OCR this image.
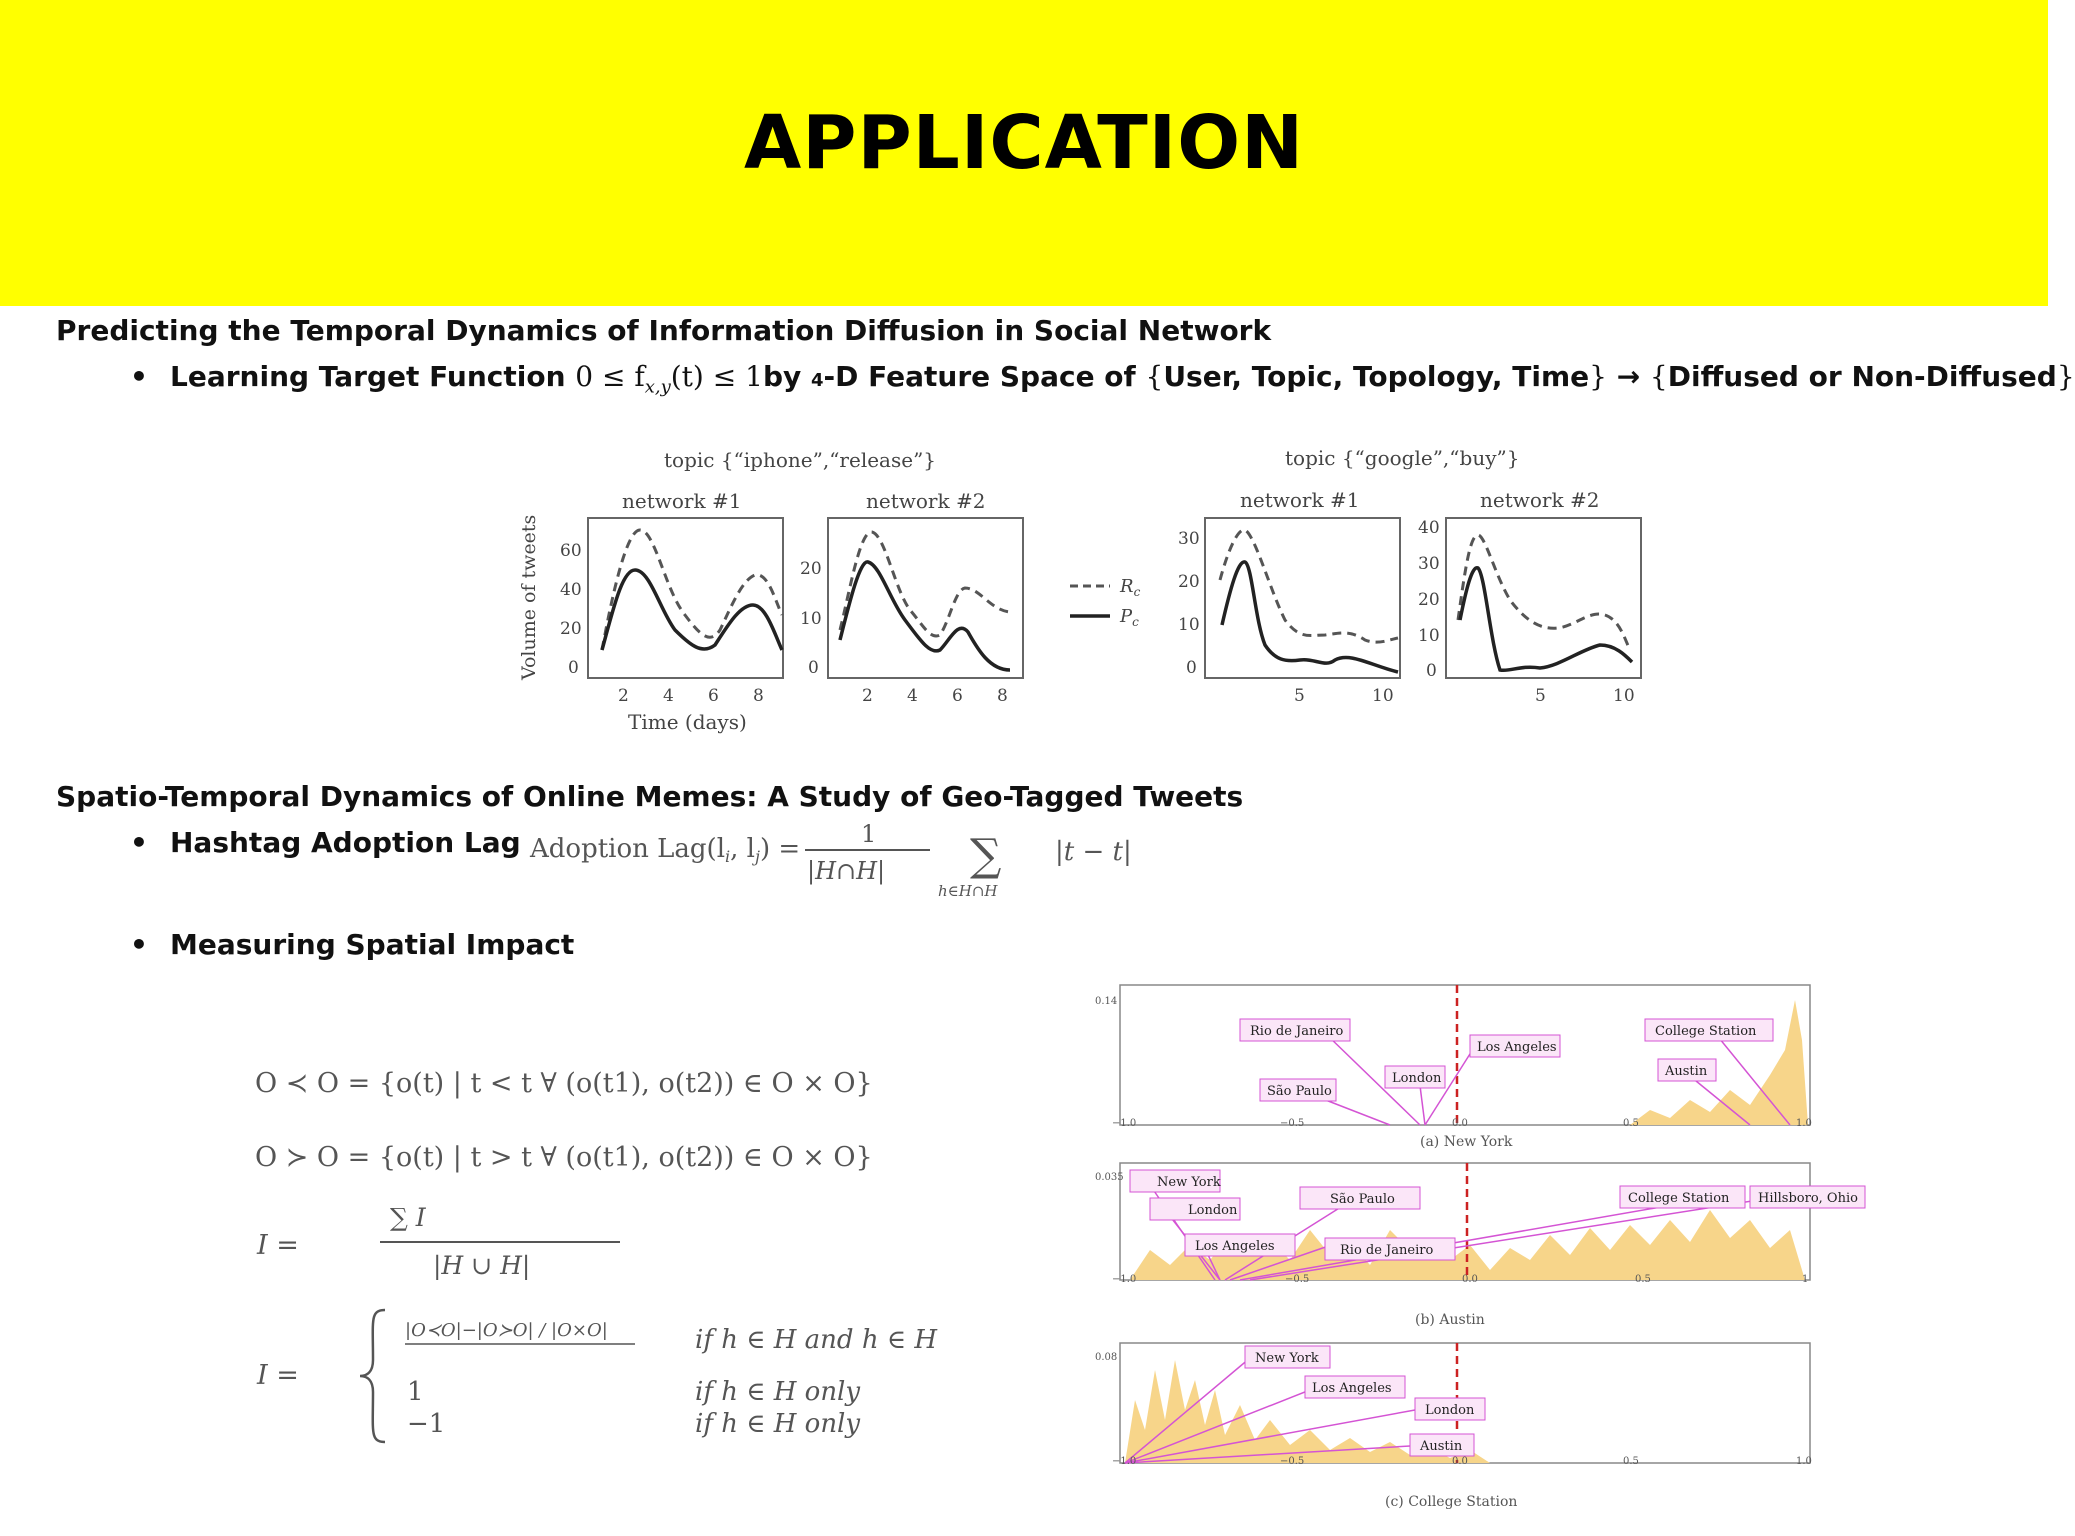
APPLICATION
Predicting the Temporal Dynamics of Information Diffusion in Social Network
• Learning Target Function $0 \le f_{x,y}(t) \le 1by$ 4-D Feature Space of {User, Topic, Topology, Time} → {Diffused or Non-Diffused}
topic {“iphone”,“release”}	topic {“google”,“buy”}
network #1	network #2	network #1	network #2
Volume of tweets
Time (days)
60
40
20
0
2 4 6 8
20
10
0
2 4 6 8
30
20
10
0
5	10
40
30
20
10
0
5	10
$R_c$
$P_c$
Spatio-Temporal Dynamics of Online Memes: A Study of Geo-Tagged Tweets
• Hashtag Adoption Lag Adoption Lag(li, lj) =	1
|H∩H| ∑
h∈H∩H
|t − t|
• Measuring Spatial Impact
O ≺ O = {o(t) | t < t ∀ (o(t1), o(t2)) ∈ O × O}
O ≻ O = {o(t) | t > t ∀ (o(t1), o(t2)) ∈ O × O}
I =
∑ I
|H ∪ H|
I =
|O≺O|−|O≻O| / |O×O|	if h ∈ H and h ∈ H
1	if h ∈ H only
−1	if h ∈ H only
0.14
Rio de Janeiro
Los Angeles
College Station
London	Austin
São Paulo
−1.0	−0.5	0.0	0.5	1.0
(a) New York
0.035	New York
London
Los Angeles
São Paulo
Rio de Janeiro
College Station Hillsboro, Ohio
−1.0	−0.5	0.0	0.5	1
(b) Austin
0.08	New York
Los Angeles
London
Austin
−1.0	−0.5	0.0	0.5	1.0
(c) College Station
